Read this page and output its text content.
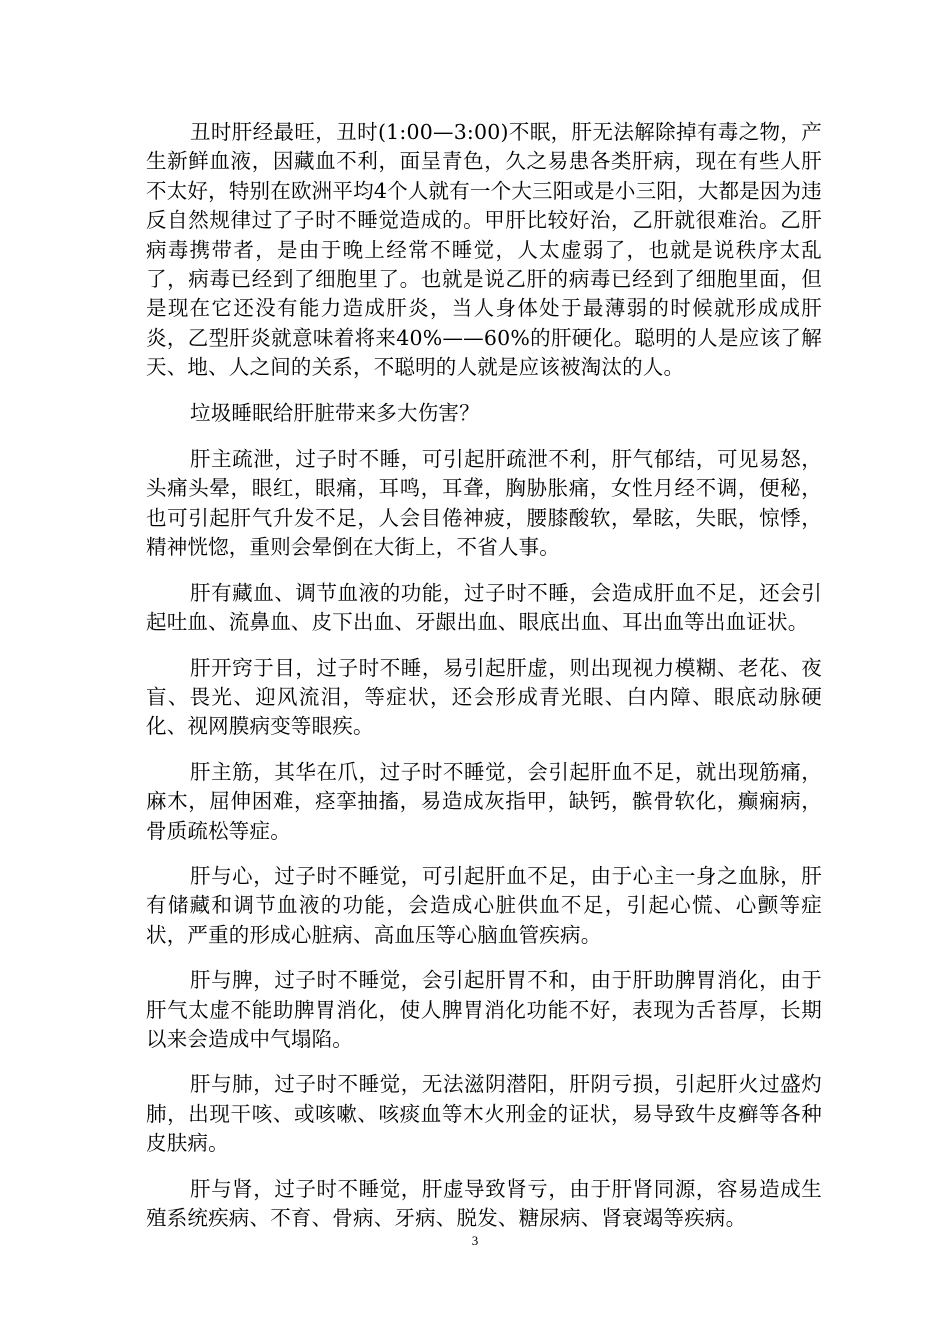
丑时肝经最旺，丑时(1:00—3:00)不眠，肝无法解除掉有毒之物，产生新鲜血液，因藏血不利，面呈青色，久之易患各类肝病，现在有些人肝不太好，特别在欧洲平均4个人就有一个大三阳或是小三阳，大都是因为违反自然规律过了子时不睡觉造成的。甲肝比较好治，乙肝就很难治。乙肝病毒携带者，是由于晚上经常不睡觉，人太虚弱了，也就是说秩序太乱了，病毒已经到了细胞里了。也就是说乙肝的病毒已经到了细胞里面，但是现在它还没有能力造成肝炎，当人身体处于最薄弱的时候就形成成肝炎，乙型肝炎就意味着将来40%——60%的肝硬化。聪明的人是应该了解天、地、人之间的关系，不聪明的人就是应该被淘汰的人。

垃圾睡眠给肝脏带来多大伤害？

肝主疏泄，过子时不睡，可引起肝疏泄不利，肝气郁结，可见易怒，头痛头晕，眼红，眼痛，耳鸣，耳聋，胸胁胀痛，女性月经不调，便秘，也可引起肝气升发不足，人会目倦神疲，腰膝酸软，晕眩，失眠，惊悸，精神恍惚，重则会晕倒在大街上，不省人事。

肝有藏血、调节血液的功能，过子时不睡，会造成肝血不足，还会引起吐血、流鼻血、皮下出血、牙龈出血、眼底出血、耳出血等出血证状。

肝开窍于目，过子时不睡，易引起肝虚，则出现视力模糊、老花、夜盲、畏光、迎风流泪，等症状，还会形成青光眼、白内障、眼底动脉硬化、视网膜病变等眼疾。

肝主筋，其华在爪，过子时不睡觉，会引起肝血不足，就出现筋痛，麻木，屈伸困难，痉挛抽搐，易造成灰指甲，缺钙，髌骨软化，癫痫病，骨质疏松等症。

肝与心，过子时不睡觉，可引起肝血不足，由于心主一身之血脉，肝有储藏和调节血液的功能，会造成心脏供血不足，引起心慌、心颤等症状，严重的形成心脏病、高血压等心脑血管疾病。

肝与脾，过子时不睡觉，会引起肝胃不和，由于肝助脾胃消化，由于肝气太虚不能助脾胃消化，使人脾胃消化功能不好，表现为舌苔厚，长期以来会造成中气塌陷。

肝与肺，过子时不睡觉，无法滋阴潜阳，肝阴亏损，引起肝火过盛灼肺，出现干咳、或咳嗽、咳痰血等木火刑金的证状，易导致牛皮癣等各种皮肤病。

肝与肾，过子时不睡觉，肝虚导致肾亏，由于肝肾同源，容易造成生殖系统疾病、不育、骨病、牙病、脱发、糖尿病、肾衰竭等疾病。

3
